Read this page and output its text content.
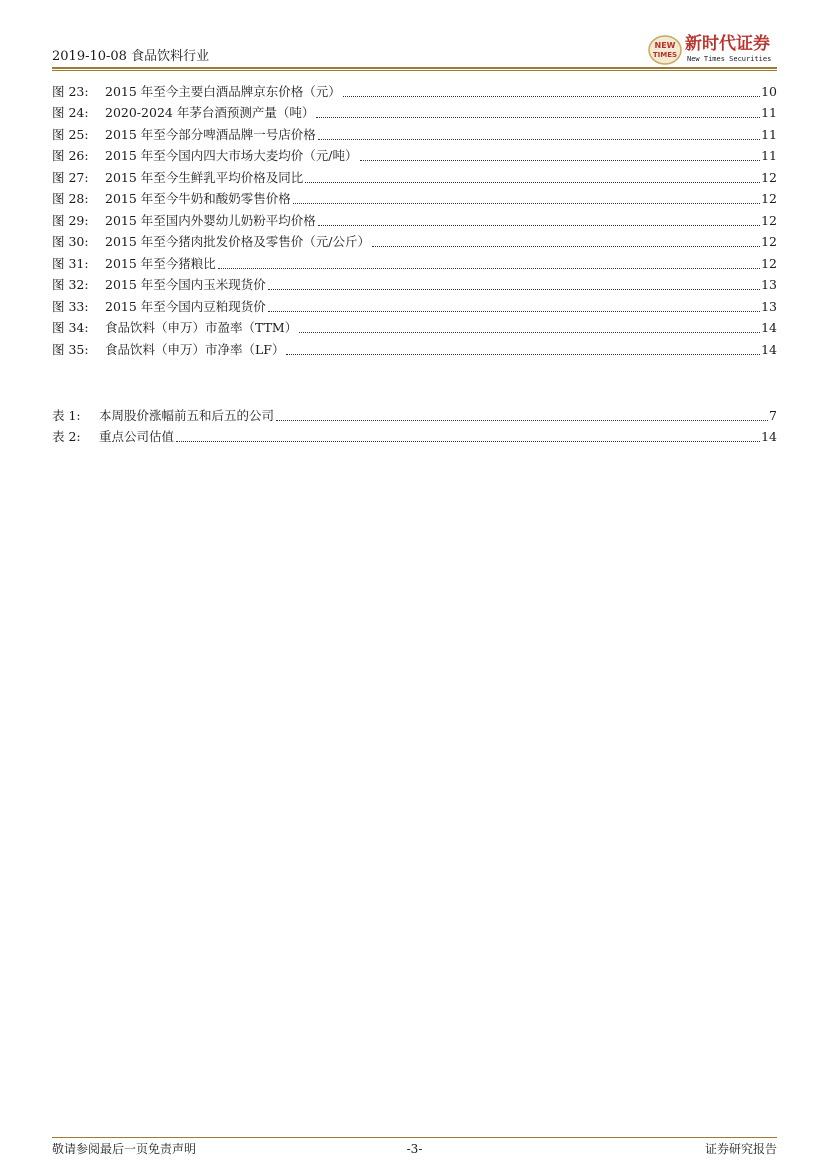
2019-10-08 食品饮料行业
NEW
TIMES
新时代证券
New Times Securities
图 23:	2015 年至今主要白酒品牌京东价格（元）	10
图 24:	2020-2024 年茅台酒预测产量（吨）	11
图 25:	2015 年至今部分啤酒品牌一号店价格	11
图 26:	2015 年至今国内四大市场大麦均价（元/吨）	11
图 27:	2015 年至今生鲜乳平均价格及同比	12
图 28:	2015 年至今牛奶和酸奶零售价格	12
图 29:	2015 年至国内外婴幼儿奶粉平均价格	12
图 30:	2015 年至今猪肉批发价格及零售价（元/公斤）	12
图 31:	2015 年至今猪粮比	12
图 32:	2015 年至今国内玉米现货价	13
图 33:	2015 年至今国内豆粕现货价	13
图 34:	食品饮料（申万）市盈率（TTM）	14
图 35:	食品饮料（申万）市净率（LF）	14
表 1:	本周股价涨幅前五和后五的公司	7
表 2:	重点公司估值	14
敬请参阅最后一页免责声明	-3-	证券研究报告
